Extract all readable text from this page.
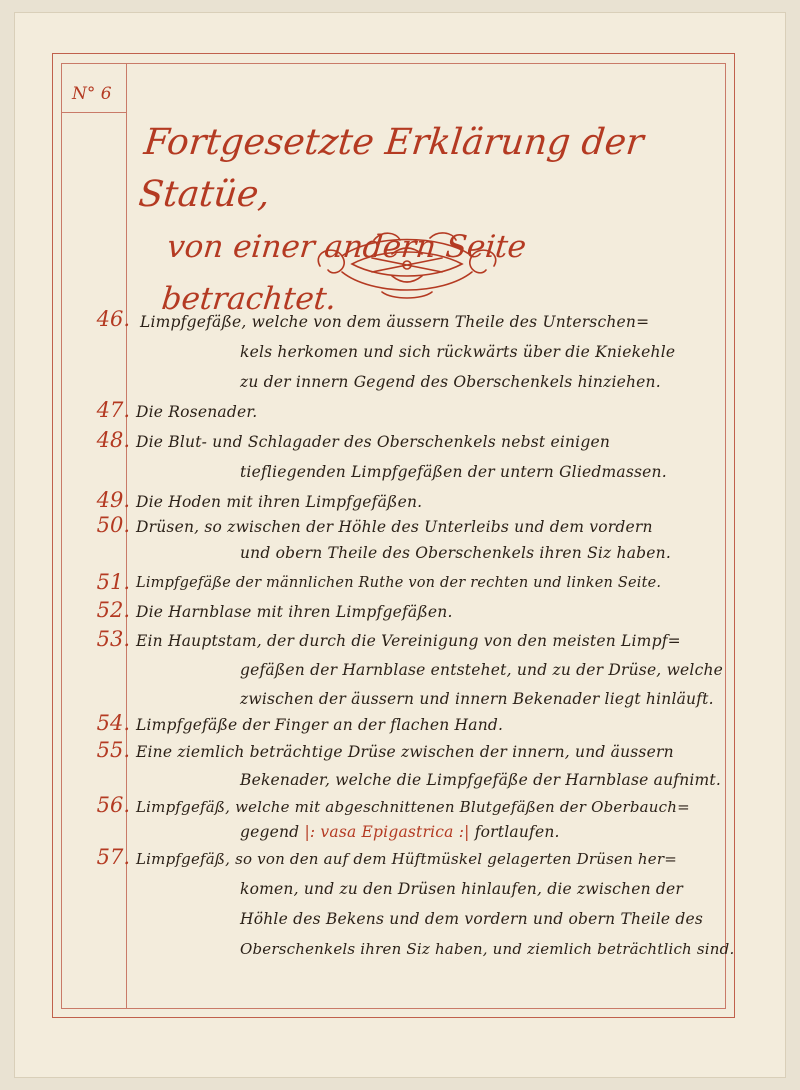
N° 6
Fortgesetzte Erklärung der Statüe,
von einer andern Seite betrachtet.
46. Limpfgefäße, welche von dem äussern Theile des Unterschen=
kels herkomen und sich rückwärts über die Kniekehle
zu der innern Gegend des Oberschenkels hinziehen.
47. Die Rosenader.
48. Die Blut- und Schlagader des Oberschenkels nebst einigen
tiefliegenden Limpfgefäßen der untern Gliedmassen.
49. Die Hoden mit ihren Limpfgefäßen.
50. Drüsen, so zwischen der Höhle des Unterleibs und dem vordern
und obern Theile des Oberschenkels ihren Siz haben.
51. Limpfgefäße der männlichen Ruthe von der rechten und linken Seite.
52. Die Harnblase mit ihren Limpfgefäßen.
53. Ein Hauptstam, der durch die Vereinigung von den meisten Limpf=
gefäßen der Harnblase entstehet, und zu der Drüse, welche
zwischen der äussern und innern Bekenader liegt hinläuft.
54. Limpfgefäße der Finger an der flachen Hand.
55. Eine ziemlich beträchtige Drüse zwischen der innern, und äussern
Bekenader, welche die Limpfgefäße der Harnblase aufnimt.
56. Limpfgefäß, welche mit abgeschnittenen Blutgefäßen der Oberbauch=
gegend |: vasa Epigastrica :| fortlaufen.
57. Limpfgefäß, so von den auf dem Hüftmüskel gelagerten Drüsen her=
komen, und zu den Drüsen hinlaufen, die zwischen der
Höhle des Bekens und dem vordern und obern Theile des
Oberschenkels ihren Siz haben, und ziemlich beträchtlich sind.
